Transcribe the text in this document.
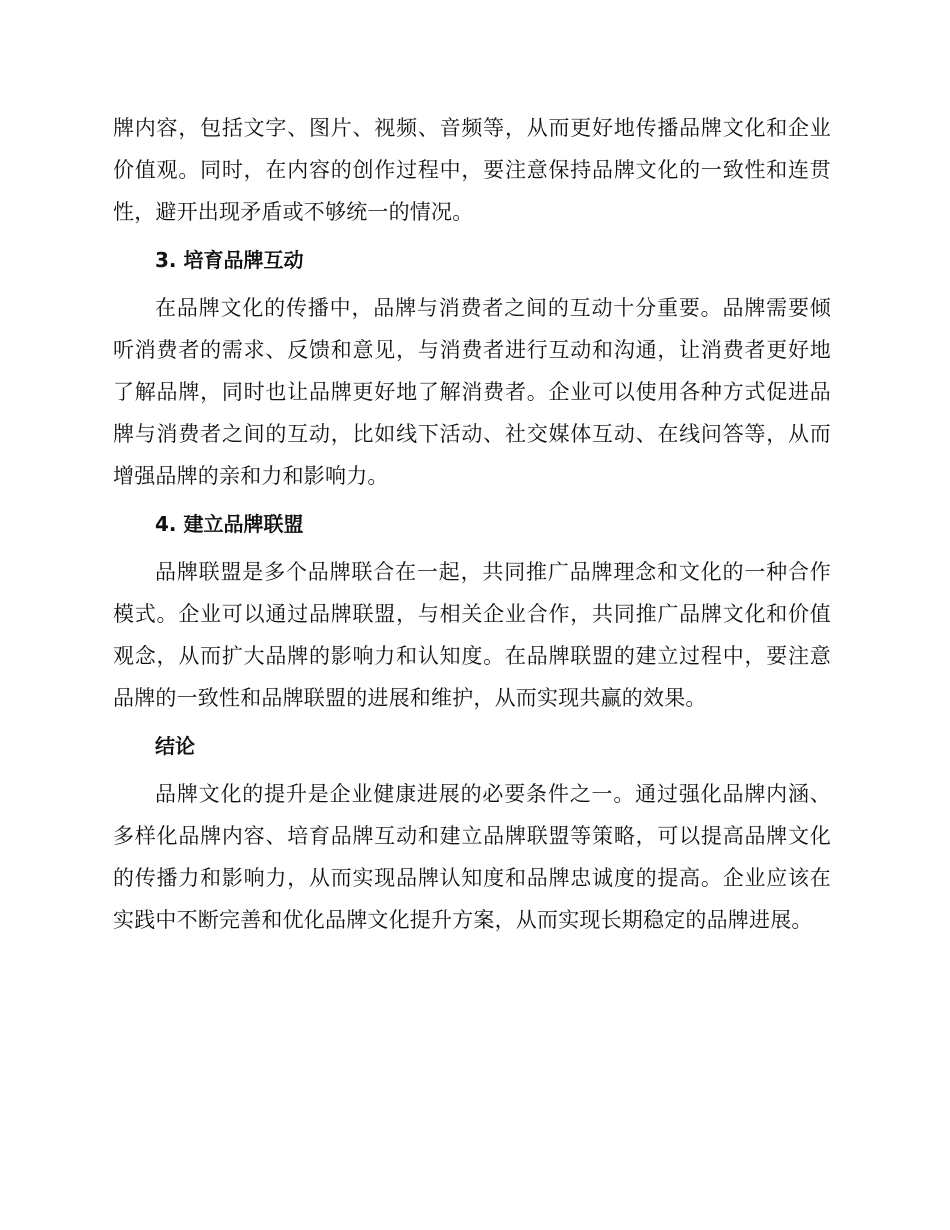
牌内容，包括文字、图片、视频、音频等，从而更好地传播品牌文化和企业价值观。同时，在内容的创作过程中，要注意保持品牌文化的一致性和连贯性，避开出现矛盾或不够统一的情况。

3. 培育品牌互动

在品牌文化的传播中，品牌与消费者之间的互动十分重要。品牌需要倾听消费者的需求、反馈和意见，与消费者进行互动和沟通，让消费者更好地了解品牌，同时也让品牌更好地了解消费者。企业可以使用各种方式促进品牌与消费者之间的互动，比如线下活动、社交媒体互动、在线问答等，从而增强品牌的亲和力和影响力。

4. 建立品牌联盟

品牌联盟是多个品牌联合在一起，共同推广品牌理念和文化的一种合作模式。企业可以通过品牌联盟，与相关企业合作，共同推广品牌文化和价值观念，从而扩大品牌的影响力和认知度。在品牌联盟的建立过程中，要注意品牌的一致性和品牌联盟的进展和维护，从而实现共赢的效果。

结论

品牌文化的提升是企业健康进展的必要条件之一。通过强化品牌内涵、多样化品牌内容、培育品牌互动和建立品牌联盟等策略，可以提高品牌文化的传播力和影响力，从而实现品牌认知度和品牌忠诚度的提高。企业应该在实践中不断完善和优化品牌文化提升方案，从而实现长期稳定的品牌进展。
